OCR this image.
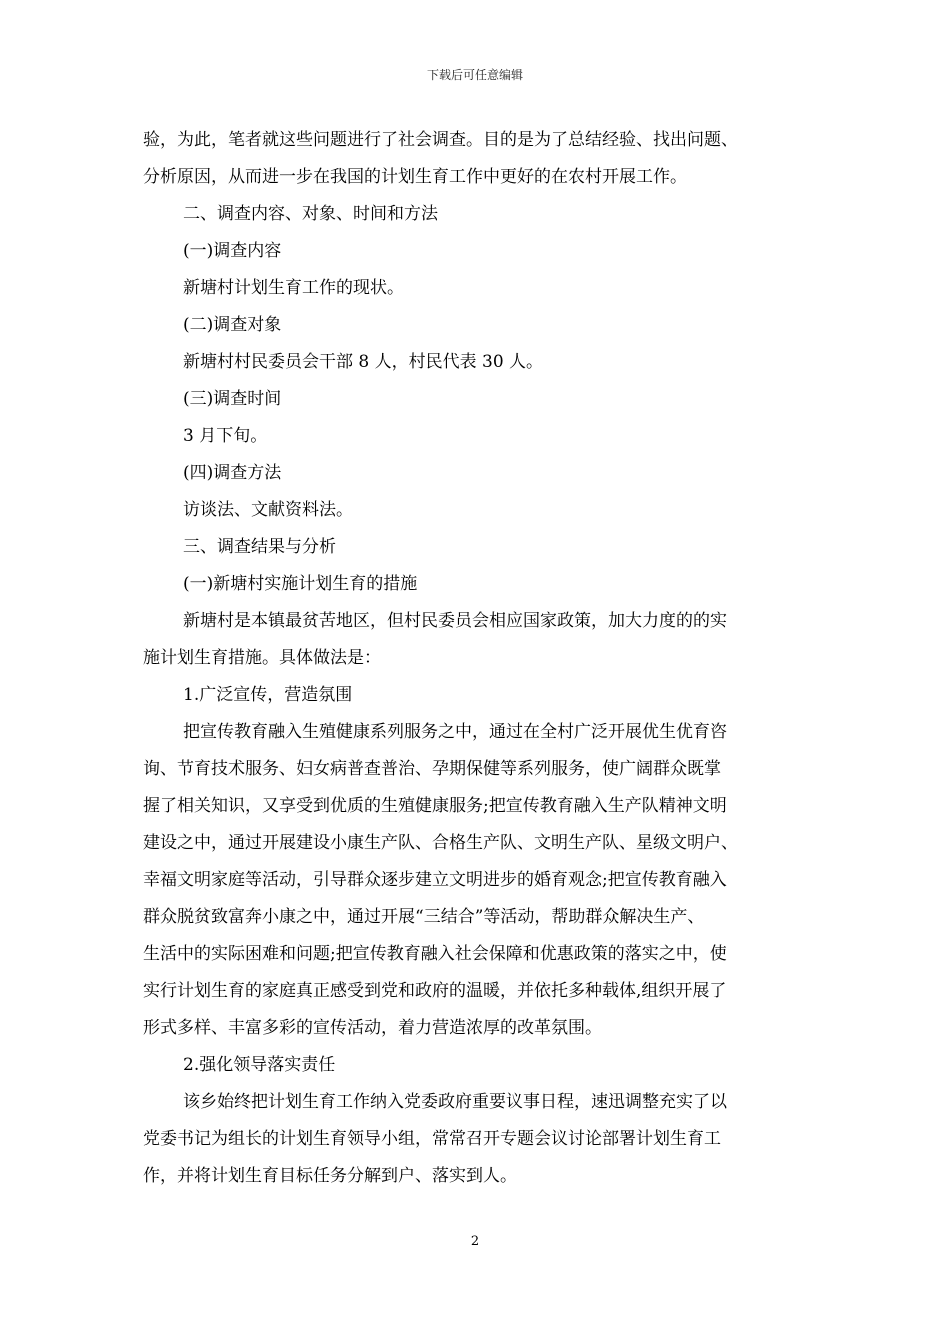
下载后可任意编辑
验，为此，笔者就这些问题进行了社会调查。目的是为了总结经验、找出问题、
分析原因，从而进一步在我国的计划生育工作中更好的在农村开展工作。
二、调查内容、对象、时间和方法
(一)调查内容
新塘村计划生育工作的现状。
(二)调查对象
新塘村村民委员会干部 8 人，村民代表 30 人。
(三)调查时间
3 月下旬。
(四)调查方法
访谈法、文献资料法。
三、调查结果与分析
(一)新塘村实施计划生育的措施
新塘村是本镇最贫苦地区，但村民委员会相应国家政策，加大力度的的实
施计划生育措施。具体做法是：
1.广泛宣传，营造氛围
把宣传教育融入生殖健康系列服务之中，通过在全村广泛开展优生优育咨
询、节育技术服务、妇女病普查普治、孕期保健等系列服务，使广阔群众既掌
握了相关知识，又享受到优质的生殖健康服务;把宣传教育融入生产队精神文明
建设之中，通过开展建设小康生产队、合格生产队、文明生产队、星级文明户、
幸福文明家庭等活动，引导群众逐步建立文明进步的婚育观念;把宣传教育融入
群众脱贫致富奔小康之中，通过开展“三结合”等活动，帮助群众解决生产、
生活中的实际困难和问题;把宣传教育融入社会保障和优惠政策的落实之中，使
实行计划生育的家庭真正感受到党和政府的温暖，并依托多种载体,组织开展了
形式多样、丰富多彩的宣传活动，着力营造浓厚的改革氛围。
2.强化领导落实责任
该乡始终把计划生育工作纳入党委政府重要议事日程，速迅调整充实了以
党委书记为组长的计划生育领导小组，常常召开专题会议讨论部署计划生育工
作，并将计划生育目标任务分解到户、落实到人。
2
